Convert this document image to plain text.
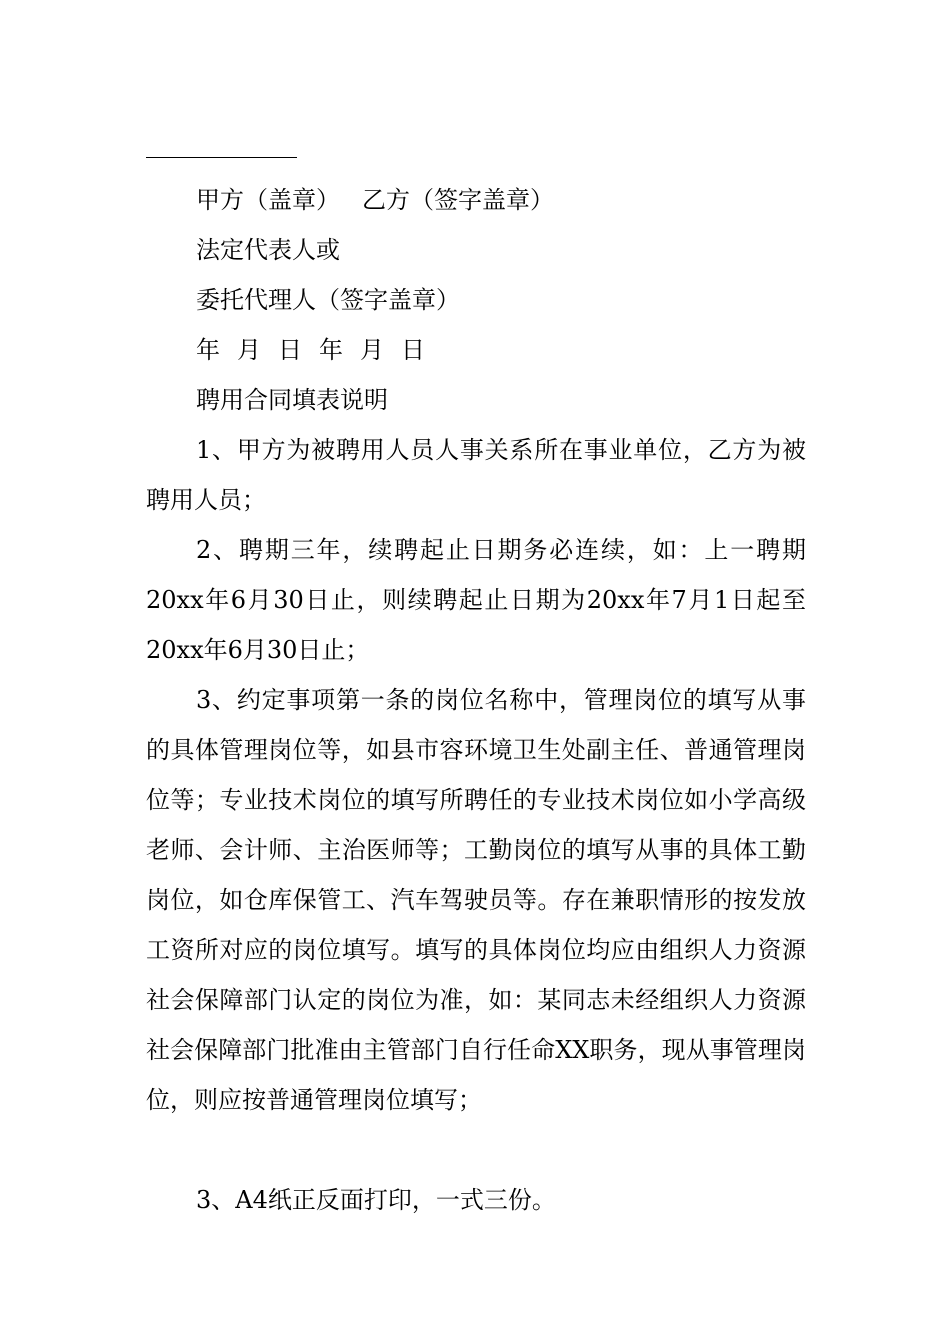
甲方（盖章） 乙方（签字盖章）
法定代表人或
委托代理人（签字盖章）
年 月 日 年 月 日
聘用合同填表说明

1、甲方为被聘用人员人事关系所在事业单位，乙方为被聘用人员；

2、聘期三年，续聘起止日期务必连续，如：上一聘期20xx年6月30日止，则续聘起止日期为20xx年7月1日起至20xx年6月30日止；

3、约定事项第一条的岗位名称中，管理岗位的填写从事的具体管理岗位等，如县市容环境卫生处副主任、普通管理岗位等；专业技术岗位的填写所聘任的专业技术岗位如小学高级老师、会计师、主治医师等；工勤岗位的填写从事的具体工勤岗位，如仓库保管工、汽车驾驶员等。存在兼职情形的按发放工资所对应的岗位填写。填写的具体岗位均应由组织人力资源社会保障部门认定的岗位为准，如：某同志未经组织人力资源社会保障部门批准由主管部门自行任命XX职务，现从事管理岗位，则应按普通管理岗位填写；

3、A4纸正反面打印，一式三份。
